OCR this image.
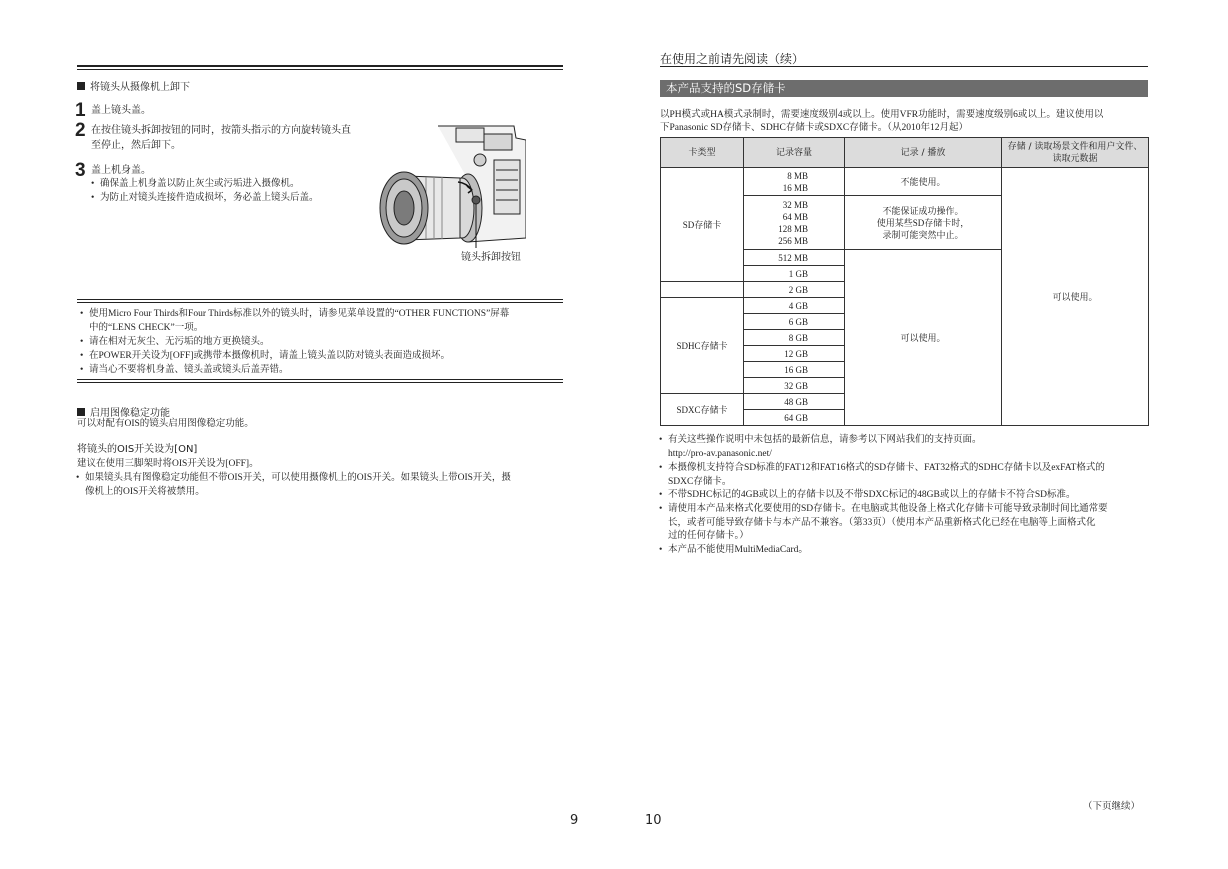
将镜头从摄像机上卸下
1 盖上镜头盖。
2 在按住镜头拆卸按钮的同时，按箭头指示的方向旋转镜头直
至停止，然后卸下。
3 盖上机身盖。
• 确保盖上机身盖以防止灰尘或污垢进入摄像机。
• 为防止对镜头连接件造成损坏，务必盖上镜头后盖。
镜头拆卸按钮
• 使用Micro Four Thirds和Four Thirds标准以外的镜头时，请参见菜单设置的“OTHER FUNCTIONS”屏幕
中的“LENS CHECK”一项。
• 请在相对无灰尘、无污垢的地方更换镜头。
• 在POWER开关设为[OFF]或携带本摄像机时，请盖上镜头盖以防对镜头表面造成损坏。
• 请当心不要将机身盖、镜头盖或镜头后盖弄错。
启用图像稳定功能
可以对配有OIS的镜头启用图像稳定功能。
将镜头的OIS开关设为[ON]
建议在使用三脚架时将OIS开关设为[OFF]。
• 如果镜头具有图像稳定功能但不带OIS开关，可以使用摄像机上的OIS开关。如果镜头上带OIS开关，摄
像机上的OIS开关将被禁用。
9
在使用之前请先阅读（续）
本产品支持的SD存储卡
以PH模式或HA模式录制时，需要速度级别4或以上。使用VFR功能时，需要速度级别6或以上。建议使用以
下Panasonic SD存储卡、SDHC存储卡或SDXC存储卡。（从2010年12月起）
卡类型	记录容量	记录 / 播放	存储 / 读取场景文件和用户文件、
读取元数据
SD存储卡	8 MB
16 MB	不能使用。	可以使用。
	32 MB
64 MB
128 MB
256 MB	不能保证成功操作。
使用某些SD存储卡时，
录制可能突然中止。	
	512 MB	可以使用。	
	1 GB		
	2 GB		
SDHC存储卡	4 GB		
	6 GB		
	8 GB		
	12 GB		
	16 GB		
	32 GB		
SDXC存储卡	48 GB		
	64 GB		
• 有关这些操作说明中未包括的最新信息，请参考以下网站我们的支持页面。
http://pro-av.panasonic.net/
• 本摄像机支持符合SD标准的FAT12和FAT16格式的SD存储卡、FAT32格式的SDHC存储卡以及exFAT格式的
SDXC存储卡。
• 不带SDHC标记的4GB或以上的存储卡以及不带SDXC标记的48GB或以上的存储卡不符合SD标准。
• 请使用本产品来格式化要使用的SD存储卡。在电脑或其他设备上格式化存储卡可能导致录制时间比通常要
长，或者可能导致存储卡与本产品不兼容。（第33页）（使用本产品重新格式化已经在电脑等上面格式化
过的任何存储卡。）
• 本产品不能使用MultiMediaCard。
（下页继续）
10
